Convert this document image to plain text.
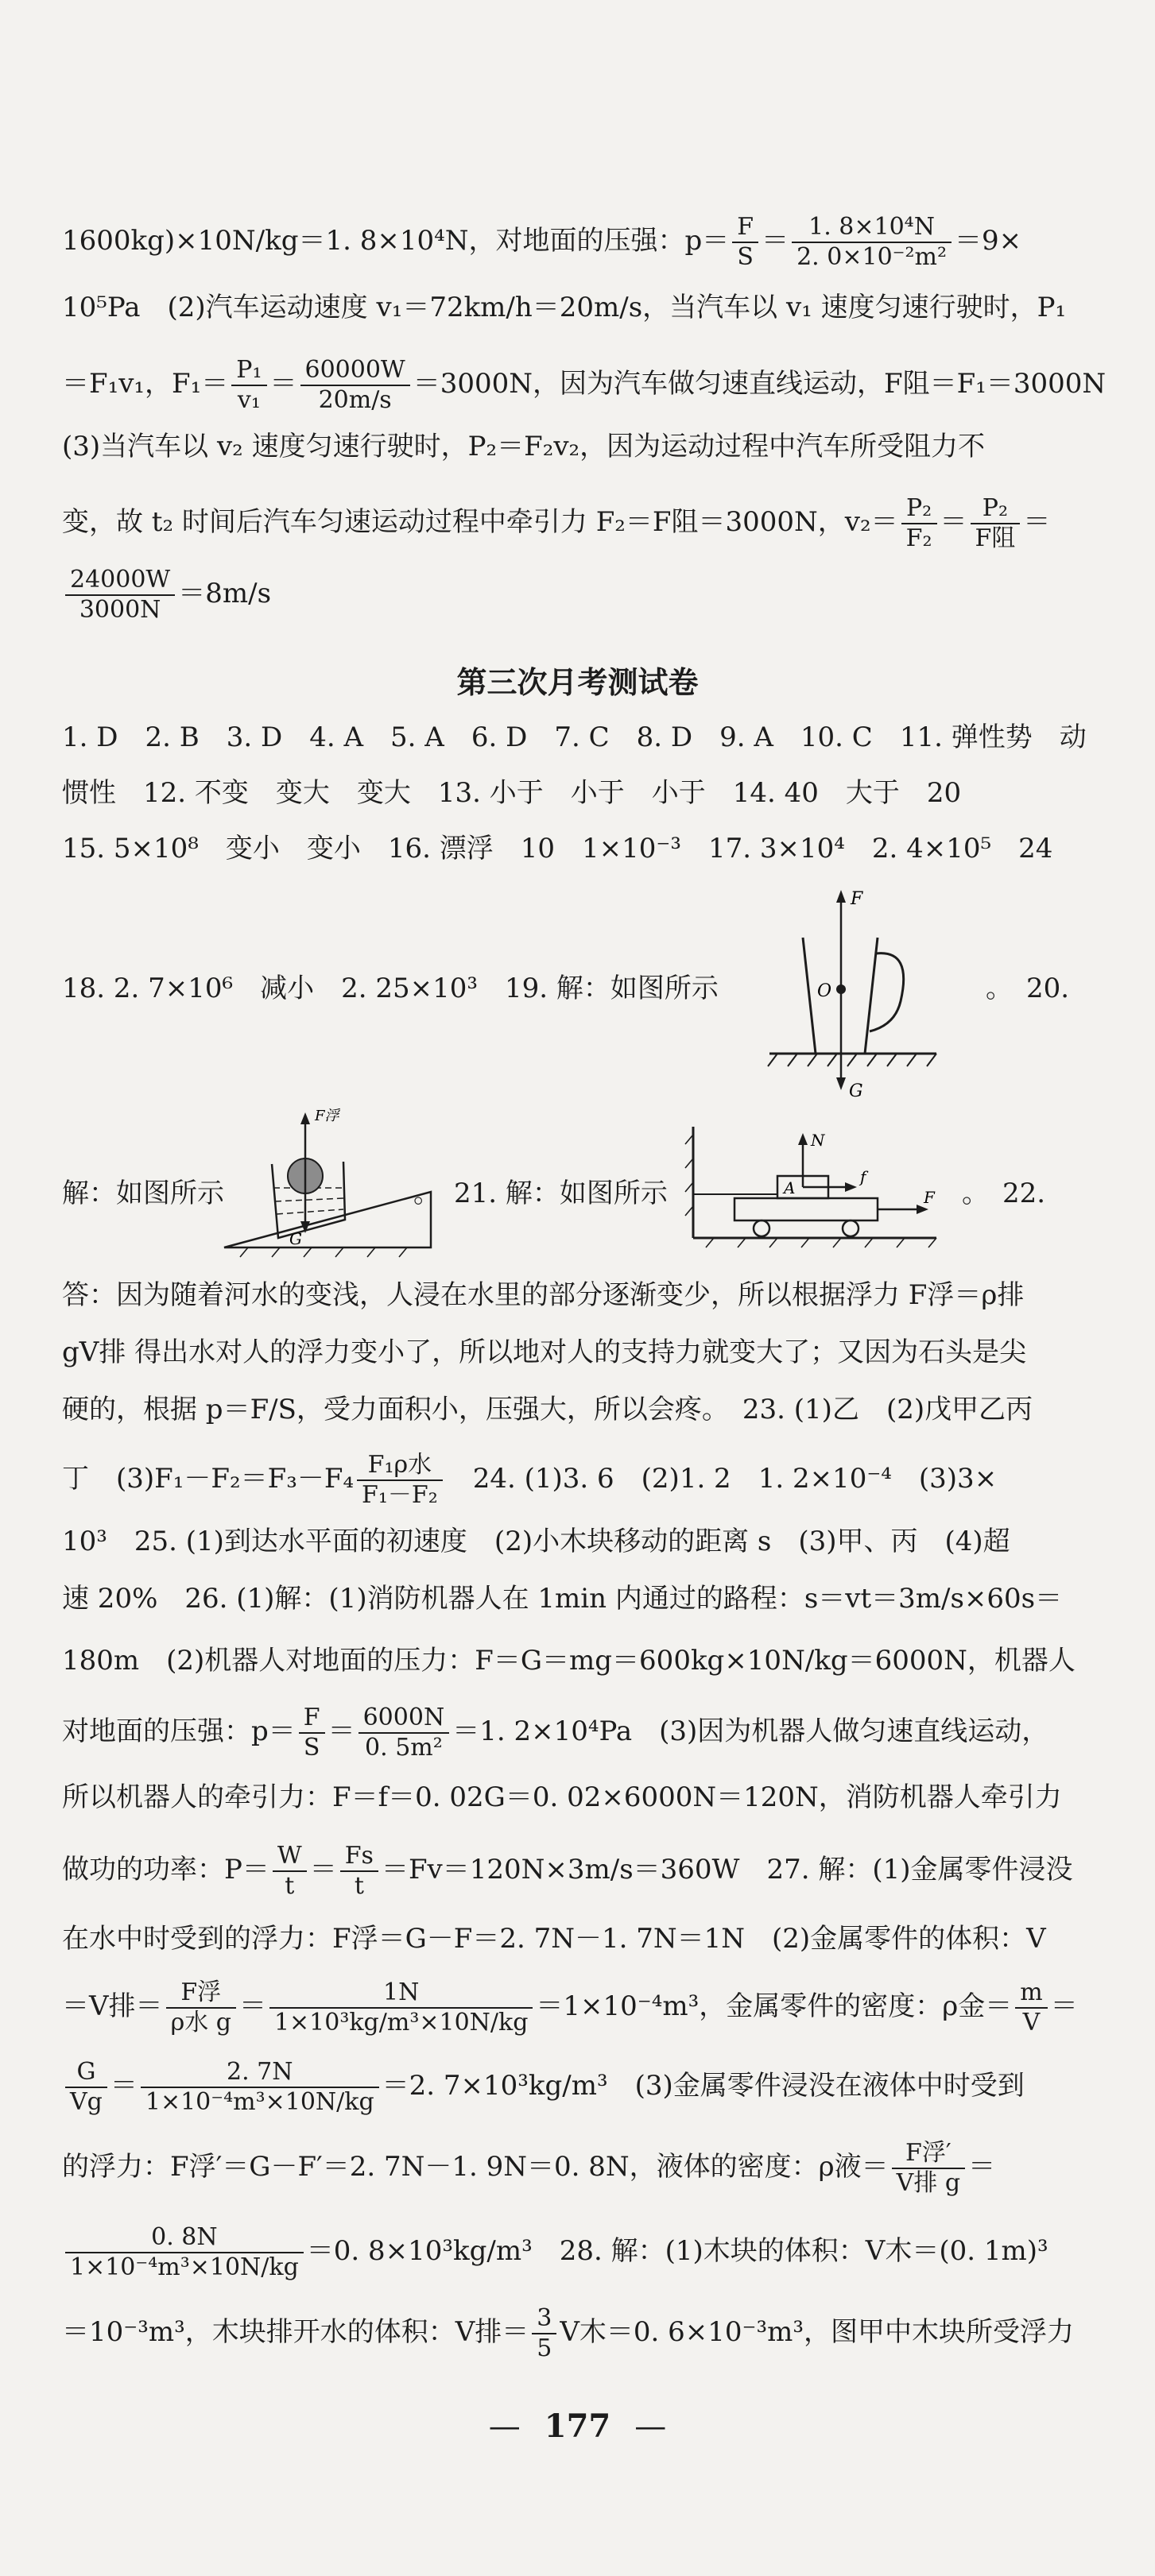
1600kg)×10N/kg＝1. 8×10⁴N，对地面的压强：$p= \frac{F}{S} = \frac{\text{1. 8×10⁴N}}{\text{2. 0×10⁻²m²}} =9\times$
10⁵Pa　(2)汽车运动速度 v₁＝72km/h＝20m/s，当汽车以 v₁ 速度匀速行驶时，P₁
＝F₁v₁，$F_1= \frac{\text{P₁}}{\text{v₁}} = \frac{60000W}{20m/s} =3000N$，因为汽车做匀速直线运动，F阻＝F₁＝3000N
(3)当汽车以 v₂ 速度匀速行驶时，P₂＝F₂v₂，因为运动过程中汽车所受阻力不
变，故 t₂ 时间后汽车匀速运动过程中牵引力 F₂＝F阻＝3000N，$v_2= \frac{\text{P₂}}{\text{F₂}} = \frac{\text{P₂}}{\text{F阻}}$ ＝
$\frac{24000W}{3000N} =8m/s$
第三次月考测试卷
1. D　2. B　3. D　4. A　5. A　6. D　7. C　8. D　9. A　10. C　11. 弹性势　动
惯性　12. 不变　变大　变大　13. 小于　小于　小于　14. 40　大于　20
15. 5×10⁸　变小　变小　16. 漂浮　10　1×10⁻³　17. 3×10⁴　2. 4×10⁵　24
18. 2. 7×10⁶　减小　2. 25×10³　19. 解：如图所示	。　20.
F
O
G
解：如图所示
F浮
G
。　21. 解：如图所示
N
A
f
F 。　22.
答：因为随着河水的变浅，人浸在水里的部分逐渐变少，所以根据浮力 F浮＝ρ排
gV排 得出水对人的浮力变小了，所以地对人的支持力就变大了；又因为石头是尖
硬的，根据 p＝F/S，受力面积小，压强大，所以会疼。　23. (1)乙　(2)戊甲乙丙
丁　$(3)F_1-F_2=F_3-F_4 \frac{\text{F₁ρ水}}{\text{F₁－F₂}}$ 　24. (1)3. 6　(2)1. 2　1. 2×10⁻⁴　(3)3×
10³　25. (1)到达水平面的初速度　(2)小木块移动的距离 s　(3)甲、丙　(4)超
速 20%　26. (1)解：(1)消防机器人在 1min 内通过的路程：s＝vt＝3m/s×60s＝
180m　(2)机器人对地面的压力：F＝G＝mg＝600kg×10N/kg＝6000N，机器人
对地面的压强：$p= \frac{F}{S} = \frac{6000N}{\text{0. 5m²}} =1$. 2×10⁴Pa　(3)因为机器人做匀速直线运动，
所以机器人的牵引力：F＝f＝0. 02G＝0. 02×6000N＝120N，消防机器人牵引力
做功的功率：$P= \frac{W}{t} = \frac{Fs}{t} =Fv=120N\times 3m/s=360W$　27. 解：(1)金属零件浸没
在水中时受到的浮力：F浮＝G－F＝2. 7N－1. 7N＝1N　(2)金属零件的体积：V
＝V排＝ $\frac{\text{F浮}}{\text{ρ水 g}} = \frac{1N}{\text{1×10³kg/m³×10N/kg}} =1\times 10^{-4}m^3$，金属零件的密度：ρ金＝ $\frac{m}{V}$ ＝
$\frac{G}{Vg} = \frac{2. 7N}{\text{1×10⁻⁴m³×10N/kg}} =2$. 7×10³kg/m³　(3)金属零件浸没在液体中时受到
的浮力：F浮′＝G－F′＝2. 7N－1. 9N＝0. 8N，液体的密度：ρ液＝ $\frac{\text{F浮′}}{\text{V排 g}}$ ＝
$\frac{0. 8N}{\text{1×10⁻⁴m³×10N/kg}} =0$. 8×10³kg/m³　28. 解：(1)木块的体积：V木＝(0. 1m)³
＝10⁻³m³，木块排开水的体积：V排＝ $\frac{3}{5}$ V木＝0. 6×10⁻³m³，图甲中木块所受浮力
— 177 —
